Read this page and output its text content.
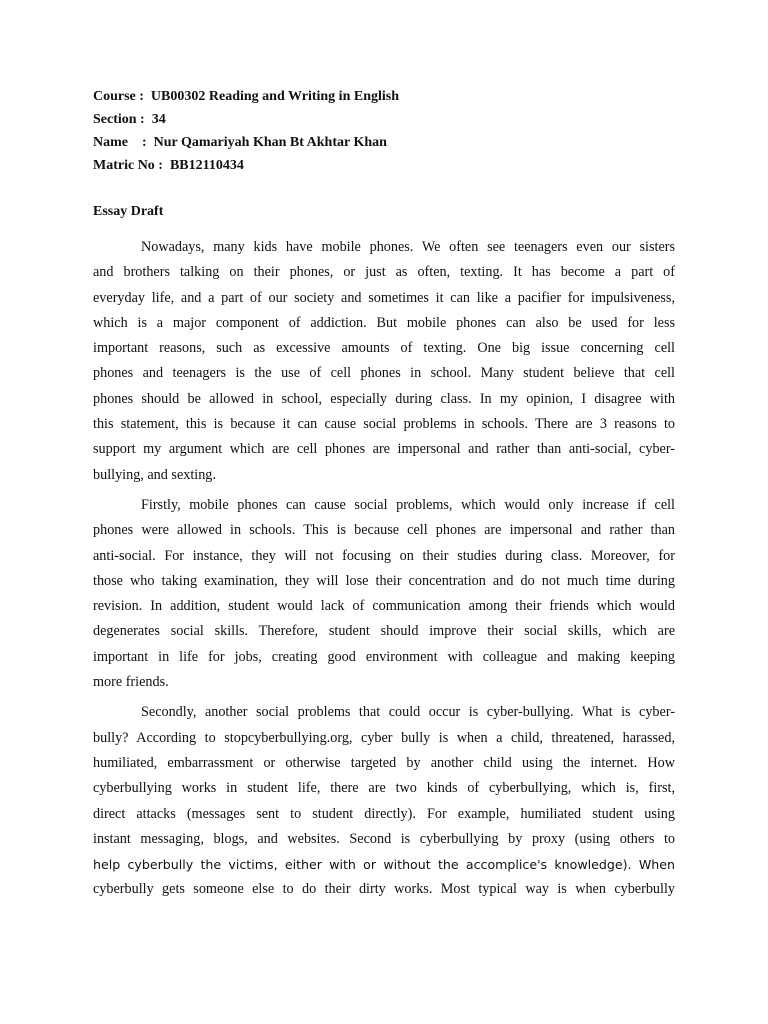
Course :  UB00302 Reading and Writing in English
Section :  34
Name    :  Nur Qamariyah Khan Bt Akhtar Khan
Matric No :  BB12110434
Essay Draft
Nowadays, many kids have mobile phones. We often see teenagers even our sisters
and brothers talking on their phones, or just as often, texting. It has become a part of
everyday life, and a part of our society and sometimes it can like a pacifier for impulsiveness,
which is a major component of addiction. But mobile phones can also be used for less
important reasons, such as excessive amounts of texting. One big issue concerning cell
phones and teenagers is the use of cell phones in school. Many student believe that cell
phones should be allowed in school, especially during class. In my opinion, I disagree with
this statement, this is because it can cause social problems in schools. There are 3 reasons to
support my argument which are cell phones are impersonal and rather than anti-social, cyber-
bullying, and sexting.
Firstly, mobile phones can cause social problems, which would only increase if cell
phones were allowed in schools. This is because cell phones are impersonal and rather than
anti-social. For instance, they will not focusing on their studies during class. Moreover, for
those who taking examination, they will lose their concentration and do not much time during
revision. In addition, student would lack of communication among their friends which would
degenerates social skills. Therefore, student should improve their social skills, which are
important in life for jobs, creating good environment with colleague and making keeping
more friends.
Secondly, another social problems that could occur is cyber-bullying. What is cyber-
bully? According to stopcyberbullying.org, cyber bully is when a child, threatened, harassed,
humiliated, embarrassment or otherwise targeted by another child using the internet. How
cyberbullying works in student life, there are two kinds of cyberbullying, which is, first,
direct attacks (messages sent to student directly). For example, humiliated student using
instant messaging, blogs, and websites. Second is cyberbullying by proxy (using others to
help cyberbully the victims, either with or without the accomplice's knowledge). When
cyberbully gets someone else to do their dirty works. Most typical way is when cyberbully
